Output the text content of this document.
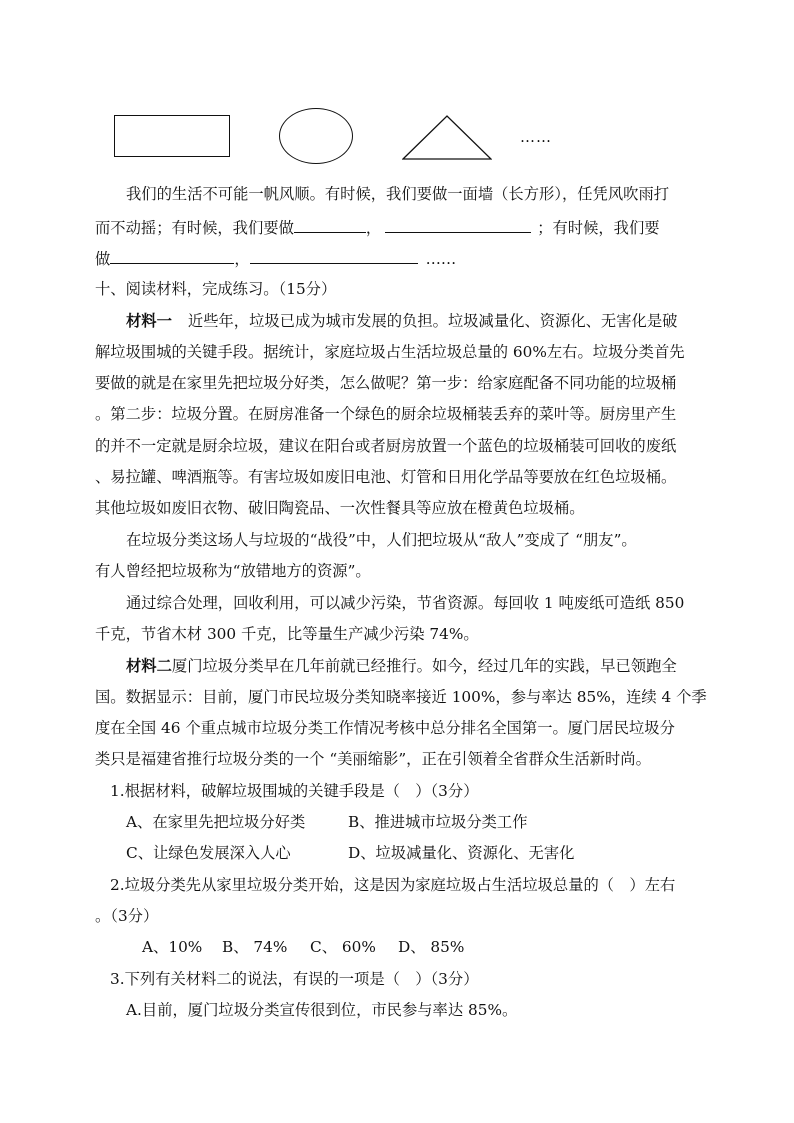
……
我们的生活不可能一帆风顺。有时候，我们要做一面墙（长方形），任凭风吹雨打
而不动摇；有时候，我们要做	，	；有时候，我们要
做	，	……
十、阅读材料，完成练习。（15分）
材料一 近些年，垃圾已成为城市发展的负担。垃圾减量化、资源化、无害化是破
解垃圾围城的关键手段。据统计，家庭垃圾占生活垃圾总量的 60%左右。垃圾分类首先
要做的就是在家里先把垃圾分好类，怎么做呢？第一步：给家庭配备不同功能的垃圾桶
。第二步：垃圾分置。在厨房准备一个绿色的厨余垃圾桶装丢弃的菜叶等。厨房里产生
的并不一定就是厨余垃圾，建议在阳台或者厨房放置一个蓝色的垃圾桶装可回收的废纸
、易拉罐、啤酒瓶等。有害垃圾如废旧电池、灯管和日用化学品等要放在红色垃圾桶。
其他垃圾如废旧衣物、破旧陶瓷品、一次性餐具等应放在橙黄色垃圾桶。
在垃圾分类这场人与垃圾的“战役”中，人们把垃圾从“敌人”变成了 “朋友”。
有人曾经把垃圾称为“放错地方的资源”。
通过综合处理，回收利用，可以减少污染，节省资源。每回收 1 吨废纸可造纸 850
千克，节省木材 300 千克，比等量生产减少污染 74%。
材料二厦门垃圾分类早在几年前就已经推行。如今，经过几年的实践，早已领跑全
国。数据显示：目前，厦门市民垃圾分类知晓率接近 100%，参与率达 85%，连续 4 个季
度在全国 46 个重点城市垃圾分类工作情况考核中总分排名全国第一。厦门居民垃圾分
类只是福建省推行垃圾分类的一个 “美丽缩影”，正在引领着全省群众生活新时尚。
1.根据材料，破解垃圾围城的关键手段是（　）（3分）
A、在家里先把垃圾分好类	B、推进城市垃圾分类工作
C、让绿色发展深入人心	D、垃圾减量化、资源化、无害化
2.垃圾分类先从家里垃圾分类开始，这是因为家庭垃圾占生活垃圾总量的（　）左右
。（3分）
A、10% B、 74% C、 60% D、 85%
3.下列有关材料二的说法，有误的一项是（　）（3分）
A.目前，厦门垃圾分类宣传很到位，市民参与率达 85%。
